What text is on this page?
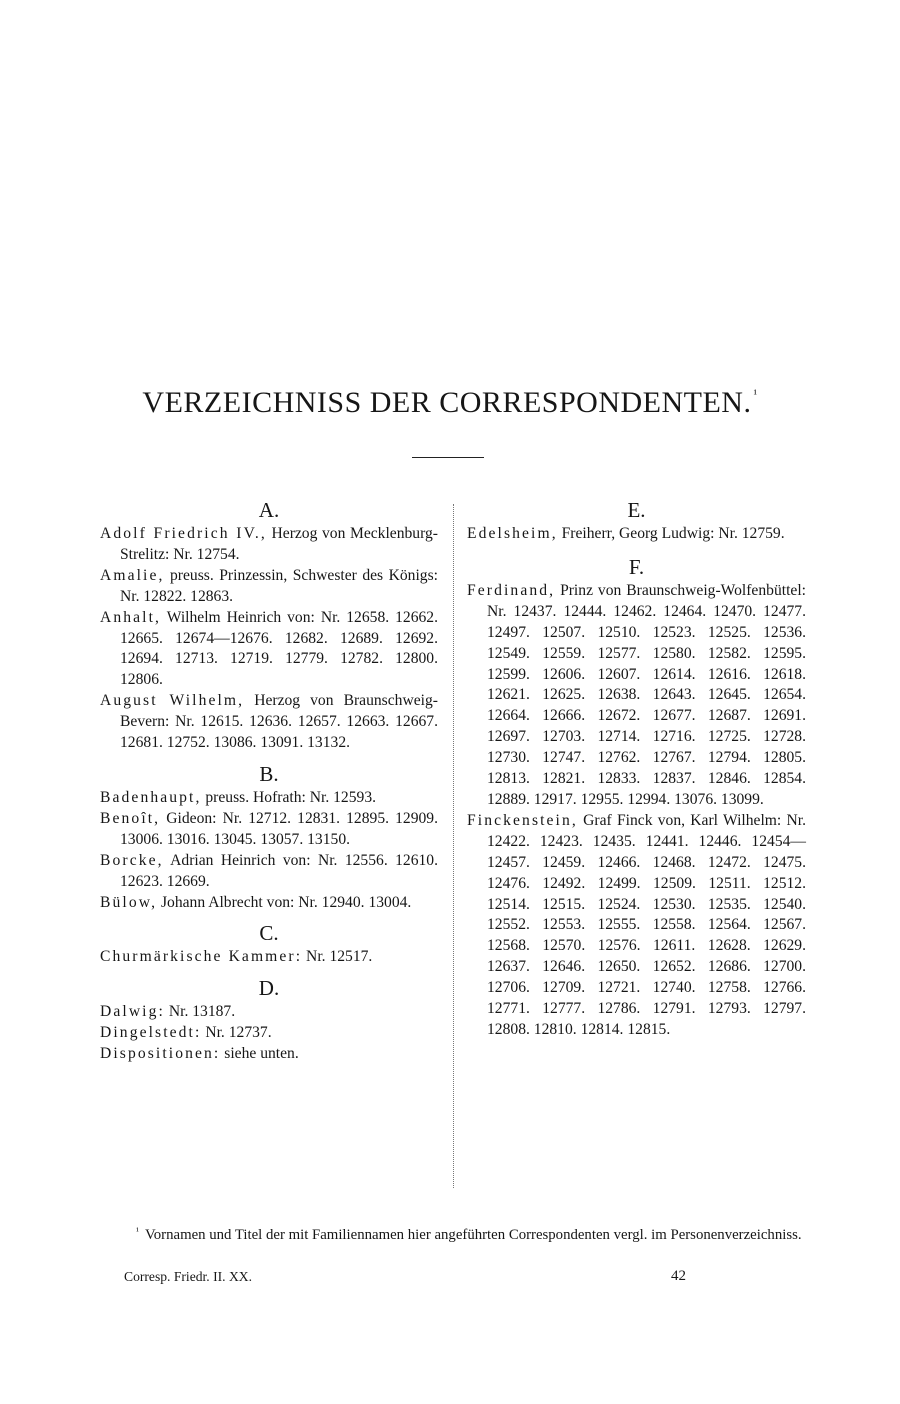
VERZEICHNISS DER CORRESPONDENTEN. $^{^1}$
A.
Adolf Friedrich IV., Herzog von Mecklenburg-Strelitz: Nr. 12754.
Amalie, preuss. Prinzessin, Schwester des Königs: Nr. 12822. 12863.
Anhalt, Wilhelm Heinrich von: Nr. 12658. 12662. 12665. 12674—12676. 12682. 12689. 12692. 12694. 12713. 12719. 12779. 12782. 12800. 12806.
August Wilhelm, Herzog von Braunschweig-Bevern: Nr. 12615. 12636. 12657. 12663. 12667. 12681. 12752. 13086. 13091. 13132.
B.
Badenhaupt, preuss. Hofrath: Nr. 12593.
Benoît, Gideon: Nr. 12712. 12831. 12895. 12909. 13006. 13016. 13045. 13057. 13150.
Borcke, Adrian Heinrich von: Nr. 12556. 12610. 12623. 12669.
Bülow, Johann Albrecht von: Nr. 12940. 13004.
C.
Churmärkische Kammer: Nr. 12517.
D.
Dalwig: Nr. 13187.
Dingelstedt: Nr. 12737.
Dispositionen: siehe unten.
E.
Edelsheim, Freiherr, Georg Ludwig: Nr. 12759.
F.
Ferdinand, Prinz von Braunschweig-Wolfenbüttel: Nr. 12437. 12444. 12462. 12464. 12470. 12477. 12497. 12507. 12510. 12523. 12525. 12536. 12549. 12559. 12577. 12580. 12582. 12595. 12599. 12606. 12607. 12614. 12616. 12618. 12621. 12625. 12638. 12643. 12645. 12654. 12664. 12666. 12672. 12677. 12687. 12691. 12697. 12703. 12714. 12716. 12725. 12728. 12730. 12747. 12762. 12767. 12794. 12805. 12813. 12821. 12833. 12837. 12846. 12854. 12889. 12917. 12955. 12994. 13076. 13099.
Finckenstein, Graf Finck von, Karl Wilhelm: Nr. 12422. 12423. 12435. 12441. 12446. 12454—12457. 12459. 12466. 12468. 12472. 12475. 12476. 12492. 12499. 12509. 12511. 12512. 12514. 12515. 12524. 12530. 12535. 12540. 12552. 12553. 12555. 12558. 12564. 12567. 12568. 12570. 12576. 12611. 12628. 12629. 12637. 12646. 12650. 12652. 12686. 12700. 12706. 12709. 12721. 12740. 12758. 12766. 12771. 12777. 12786. 12791. 12793. 12797. 12808. 12810. 12814. 12815.
$^{^1}$ Vornamen und Titel der mit Familiennamen hier angeführten Correspondenten vergl. im Personenverzeichniss.
Corresp. Friedr. II. XX.	42
